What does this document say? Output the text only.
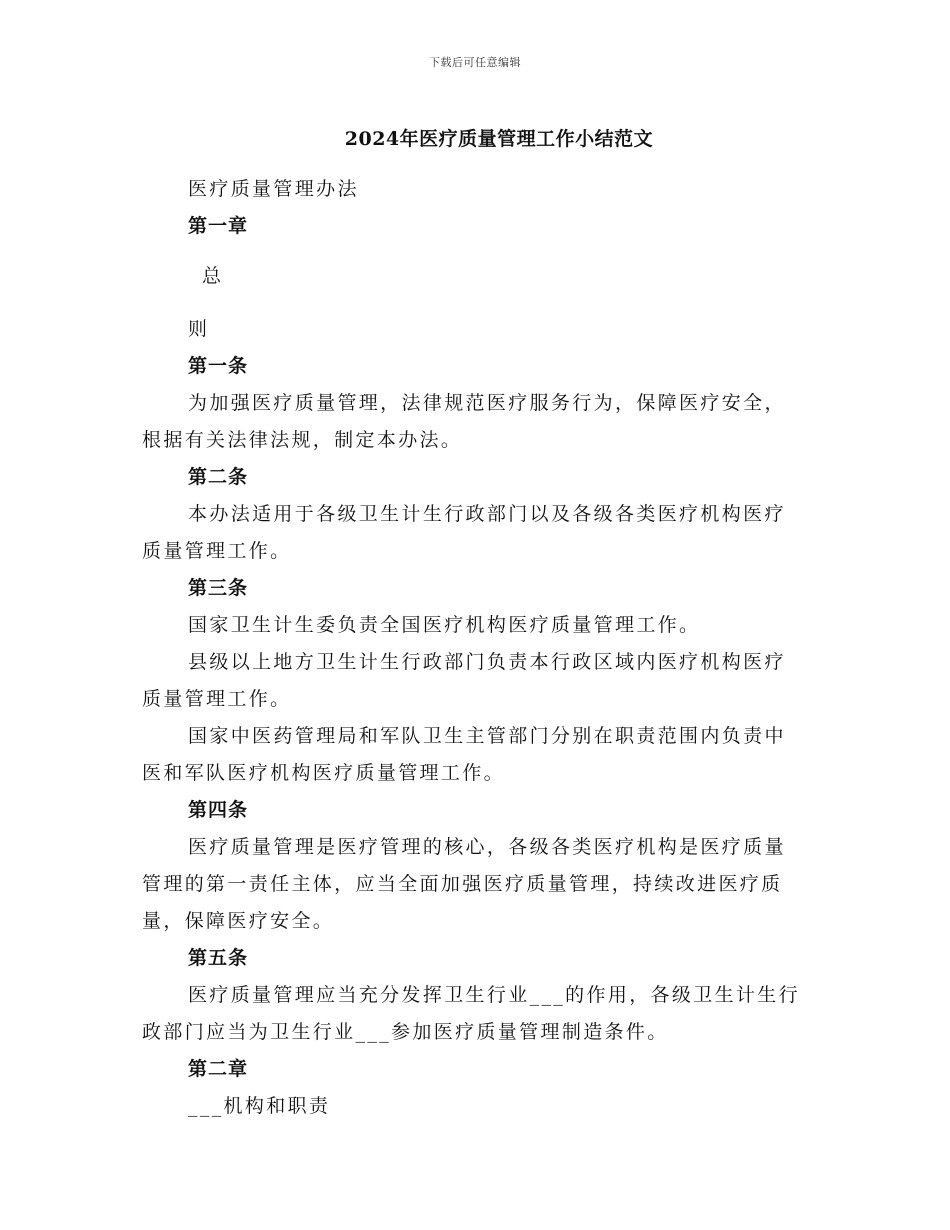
下载后可任意编辑
2024年医疗质量管理工作小结范文
医疗质量管理办法
第一章
总
则
第一条
为加强医疗质量管理，法律规范医疗服务行为，保障医疗安全，
根据有关法律法规，制定本办法。
第二条
本办法适用于各级卫生计生行政部门以及各级各类医疗机构医疗
质量管理工作。
第三条
国家卫生计生委负责全国医疗机构医疗质量管理工作。
县级以上地方卫生计生行政部门负责本行政区域内医疗机构医疗
质量管理工作。
国家中医药管理局和军队卫生主管部门分别在职责范围内负责中
医和军队医疗机构医疗质量管理工作。
第四条
医疗质量管理是医疗管理的核心，各级各类医疗机构是医疗质量
管理的第一责任主体，应当全面加强医疗质量管理，持续改进医疗质
量，保障医疗安全。
第五条
医疗质量管理应当充分发挥卫生行业___的作用，各级卫生计生行
政部门应当为卫生行业___参加医疗质量管理制造条件。
第二章
___机构和职责
